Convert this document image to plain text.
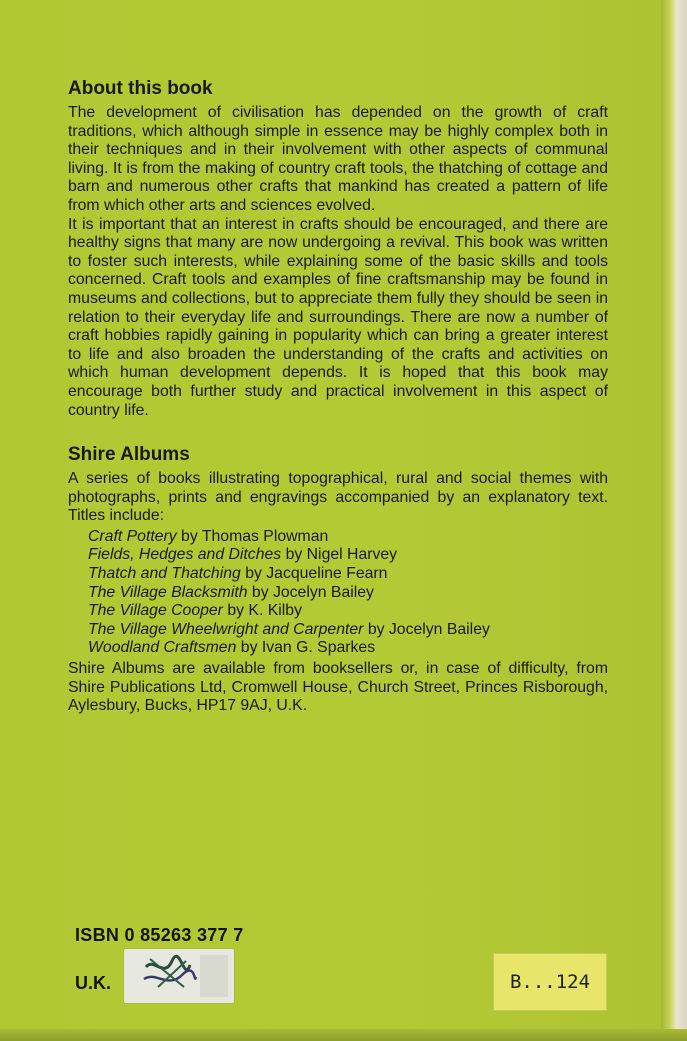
About this book

The development of civilisation has depended on the growth of craft traditions, which although simple in essence may be highly complex both in their techniques and in their involvement with other aspects of communal living. It is from the making of country craft tools, the thatching of cottage and barn and numerous other crafts that mankind has created a pattern of life from which other arts and sciences evolved.

It is important that an interest in crafts should be encouraged, and there are healthy signs that many are now undergoing a revival. This book was written to foster such interests, while explaining some of the basic skills and tools concerned. Craft tools and examples of fine craftsmanship may be found in museums and collections, but to appreciate them fully they should be seen in relation to their everyday life and surroundings. There are now a number of craft hobbies rapidly gaining in popularity which can bring a greater interest to life and also broaden the understanding of the crafts and activities on which human development depends. It is hoped that this book may encourage both further study and practical involvement in this aspect of country life.

Shire Albums

A series of books illustrating topographical, rural and social themes with photographs, prints and engravings accompanied by an explanatory text. Titles include:

Craft Pottery by Thomas Plowman
Fields, Hedges and Ditches by Nigel Harvey
Thatch and Thatching by Jacqueline Fearn
The Village Blacksmith by Jocelyn Bailey
The Village Cooper by K. Kilby
The Village Wheelwright and Carpenter by Jocelyn Bailey
Woodland Craftsmen by Ivan G. Sparkes

Shire Albums are available from booksellers or, in case of difficulty, from Shire Publications Ltd, Cromwell House, Church Street, Princes Risborough, Aylesbury, Bucks, HP17 9AJ, U.K.

ISBN 0 85263 377 7
U.K.	B...124
